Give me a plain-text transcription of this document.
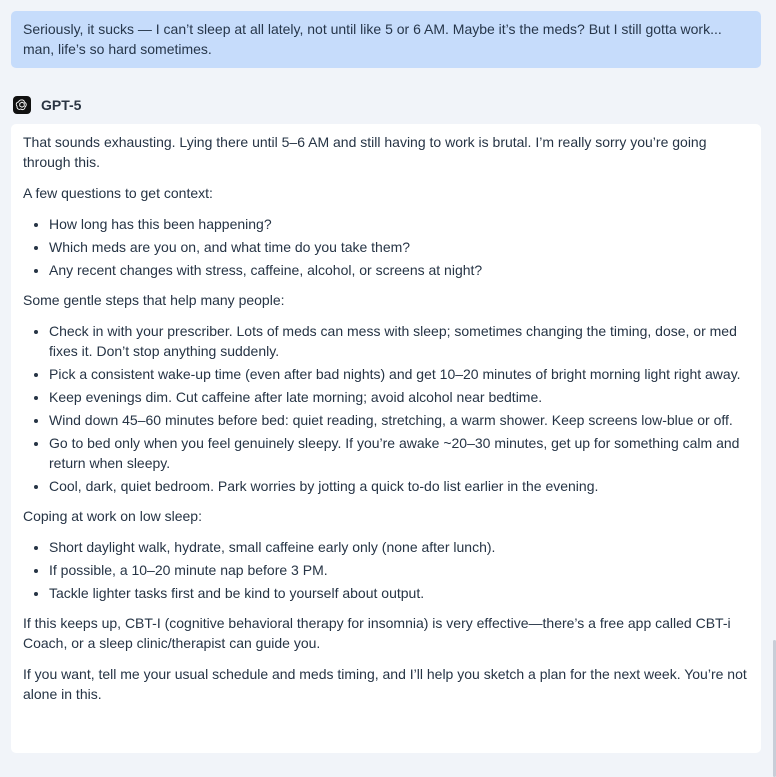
Seriously, it sucks — I can’t sleep at all lately, not until like 5 or 6 AM. Maybe it’s the meds? But I still gotta work... man, life’s so hard sometimes.
GPT-5

That sounds exhausting. Lying there until 5–6 AM and still having to work is brutal. I’m really sorry you’re going through this.

A few questions to get context:

• How long has this been happening?
• Which meds are you on, and what time do you take them?
• Any recent changes with stress, caffeine, alcohol, or screens at night?

Some gentle steps that help many people:

• Check in with your prescriber. Lots of meds can mess with sleep; sometimes changing the timing, dose, or med fixes it. Don’t stop anything suddenly.
• Pick a consistent wake-up time (even after bad nights) and get 10–20 minutes of bright morning light right away.
• Keep evenings dim. Cut caffeine after late morning; avoid alcohol near bedtime.
• Wind down 45–60 minutes before bed: quiet reading, stretching, a warm shower. Keep screens low-blue or off.
• Go to bed only when you feel genuinely sleepy. If you’re awake ~20–30 minutes, get up for something calm and return when sleepy.
• Cool, dark, quiet bedroom. Park worries by jotting a quick to-do list earlier in the evening.

Coping at work on low sleep:

• Short daylight walk, hydrate, small caffeine early only (none after lunch).
• If possible, a 10–20 minute nap before 3 PM.
• Tackle lighter tasks first and be kind to yourself about output.

If this keeps up, CBT-I (cognitive behavioral therapy for insomnia) is very effective—there’s a free app called CBT-i Coach, or a sleep clinic/therapist can guide you.

If you want, tell me your usual schedule and meds timing, and I’ll help you sketch a plan for the next week. You’re not alone in this.
